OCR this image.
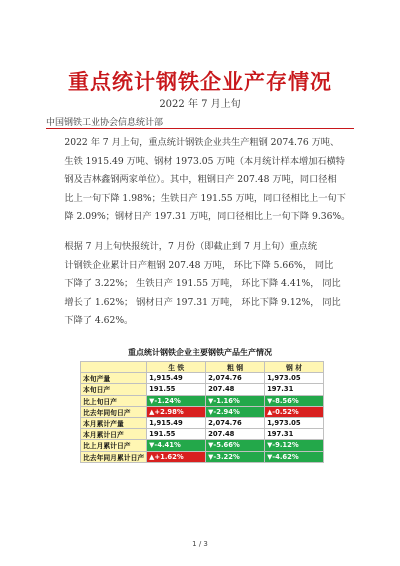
重点统计钢铁企业产存情况
2022 年 7 月上旬
中国钢铁工业协会信息统计部
2022 年 7 月上旬，重点统计钢铁企业共生产粗钢 2074.76 万吨、
生铁 1915.49 万吨、钢材 1973.05 万吨（本月统计样本增加石横特
钢及吉林鑫钢两家单位）。其中，粗钢日产 207.48 万吨，同口径相
比上一旬下降 1.98%；生铁日产 191.55 万吨，同口径相比上一旬下
降 2.09%；钢材日产 197.31 万吨，同口径相比上一旬下降 9.36%。
根据 7 月上旬快报统计，7 月份（即截止到 7 月上旬）重点统
计钢铁企业累计日产粗钢 207.48 万吨， 环比下降 5.66%， 同比
下降了 3.22%； 生铁日产 191.55 万吨， 环比下降 4.41%， 同比
增长了 1.62%； 钢材日产 197.31 万吨， 环比下降 9.12%， 同比
下降了 4.62%。
重点统计钢铁企业主要钢铁产品生产情况
	生 铁	粗 钢	钢 材
本旬产量	1,915.49	2,074.76	1,973.05
本旬日产	191.55	207.48	197.31
比上旬日产	▼-1.24%	▼-1.16%	▼-8.56%
比去年同旬日产	▲+2.98%	▼-2.94%	▲-0.52%
本月累计产量	1,915.49	2,074.76	1,973.05
本月累计日产	191.55	207.48	197.31
比上月累计日产	▼-4.41%	▼-5.66%	▼-9.12%
比去年同月累计日产	▲+1.62%	▼-3.22%	▼-4.62%
1 / 3
